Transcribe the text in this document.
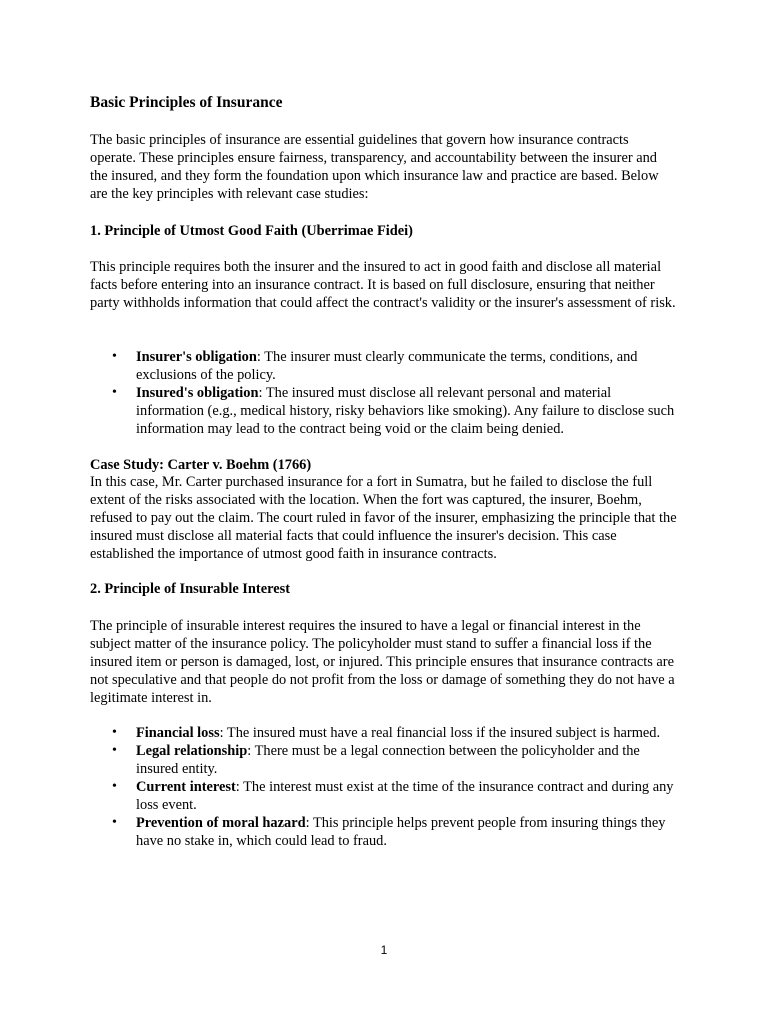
Basic Principles of Insurance

The basic principles of insurance are essential guidelines that govern how insurance contracts operate. These principles ensure fairness, transparency, and accountability between the insurer and the insured, and they form the foundation upon which insurance law and practice are based. Below are the key principles with relevant case studies:

1. Principle of Utmost Good Faith (Uberrimae Fidei)

This principle requires both the insurer and the insured to act in good faith and disclose all material facts before entering into an insurance contract. It is based on full disclosure, ensuring that neither party withholds information that could affect the contract's validity or the insurer's assessment of risk.

• Insurer's obligation: The insurer must clearly communicate the terms, conditions, and exclusions of the policy.
• Insured's obligation: The insured must disclose all relevant personal and material information (e.g., medical history, risky behaviors like smoking). Any failure to disclose such information may lead to the contract being void or the claim being denied.
Case Study: Carter v. Boehm (1766)

In this case, Mr. Carter purchased insurance for a fort in Sumatra, but he failed to disclose the full extent of the risks associated with the location. When the fort was captured, the insurer, Boehm, refused to pay out the claim. The court ruled in favor of the insurer, emphasizing the principle that the insured must disclose all material facts that could influence the insurer's decision. This case established the importance of utmost good faith in insurance contracts.

2. Principle of Insurable Interest

The principle of insurable interest requires the insured to have a legal or financial interest in the subject matter of the insurance policy. The policyholder must stand to suffer a financial loss if the insured item or person is damaged, lost, or injured. This principle ensures that insurance contracts are not speculative and that people do not profit from the loss or damage of something they do not have a legitimate interest in.

• Financial loss: The insured must have a real financial loss if the insured subject is harmed.
• Legal relationship: There must be a legal connection between the policyholder and the insured entity.
• Current interest: The interest must exist at the time of the insurance contract and during any loss event.
• Prevention of moral hazard: This principle helps prevent people from insuring things they have no stake in, which could lead to fraud.
1
